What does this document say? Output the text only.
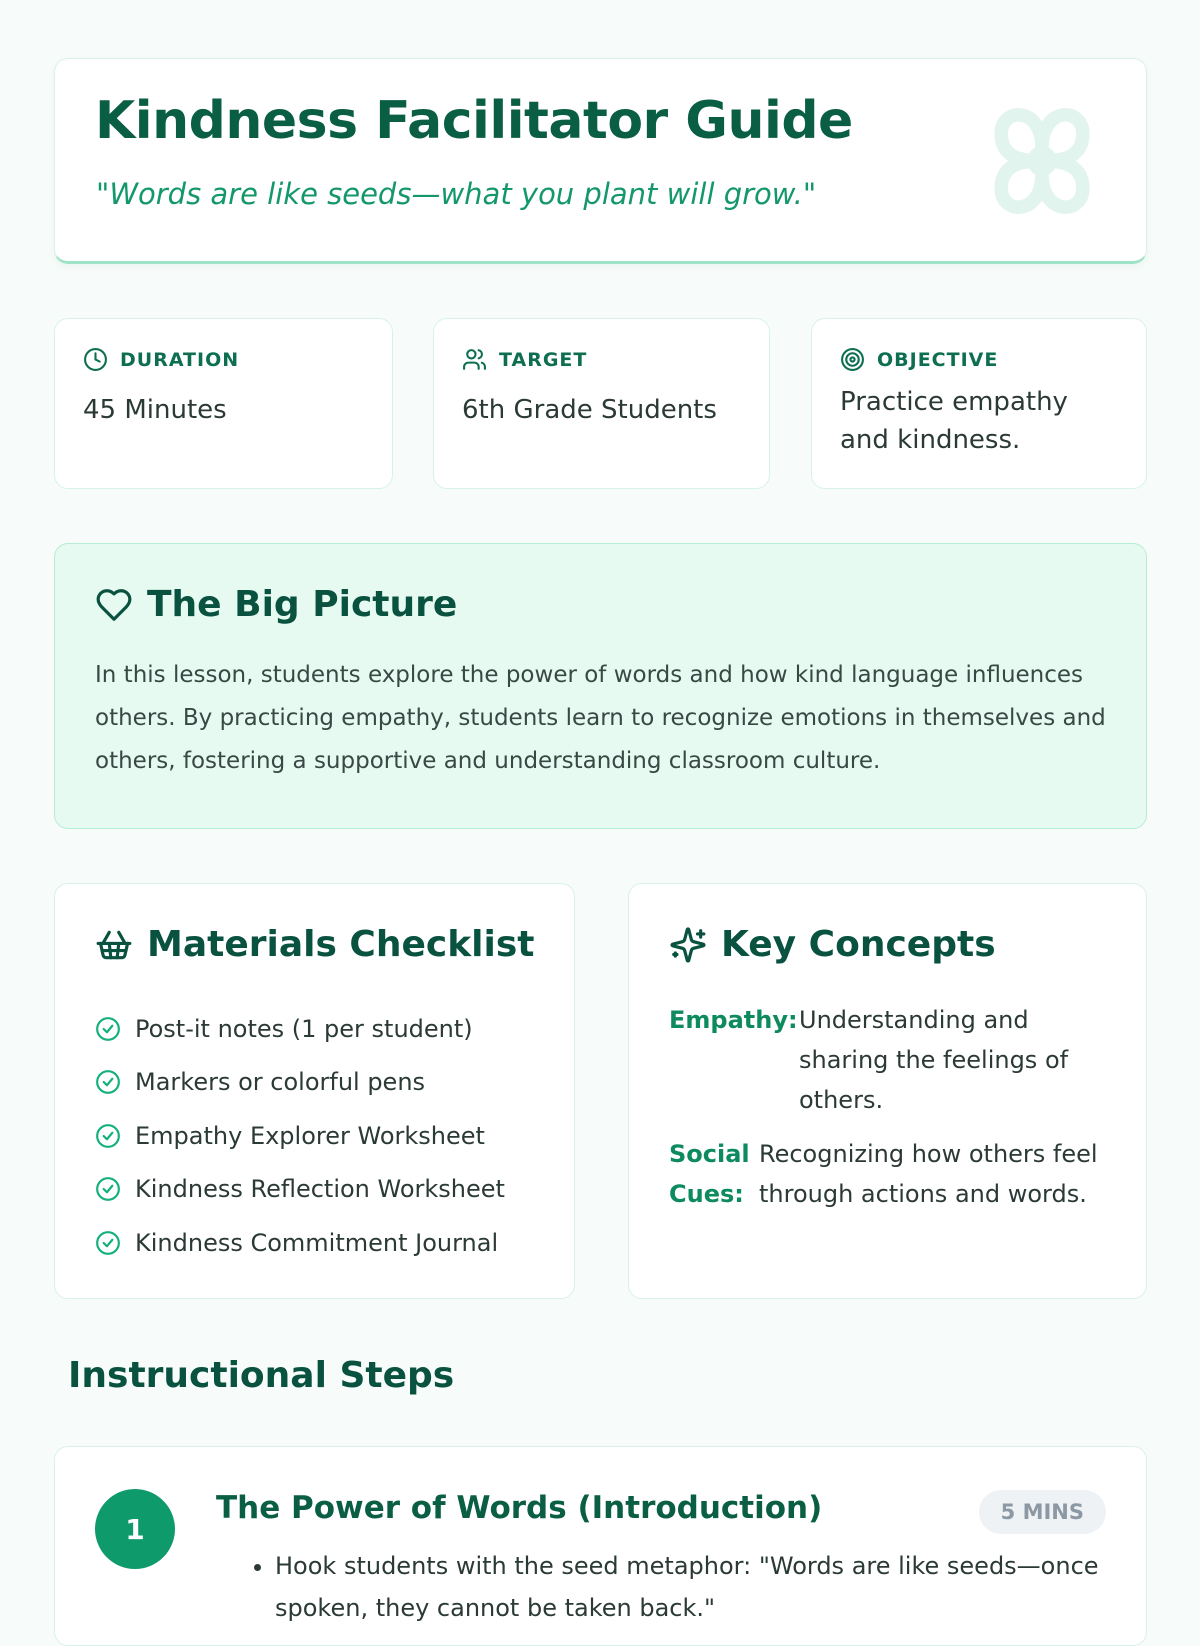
Kindness Facilitator Guide

"Words are like seeds—what you plant will grow."

DURATION

45 Minutes

TARGET

6th Grade Students

OBJECTIVE

Practice empathy and kindness.

The Big Picture

In this lesson, students explore the power of words and how kind language influences others. By practicing empathy, students learn to recognize emotions in themselves and others, fostering a supportive and understanding classroom culture.

Materials Checklist
Post-it notes (1 per student)
Markers or colorful pens
Empathy Explorer Worksheet
Kindness Reflection Worksheet
Kindness Commitment Journal
Key Concepts
Empathy: Understanding and sharing the feelings of others.
Social Cues:
Recognizing how others feel through actions and words.
Instructional Steps
1
The Power of Words (Introduction)	5 MINS
• Hook students with the seed metaphor: "Words are like seeds—once spoken, they cannot be taken back."
